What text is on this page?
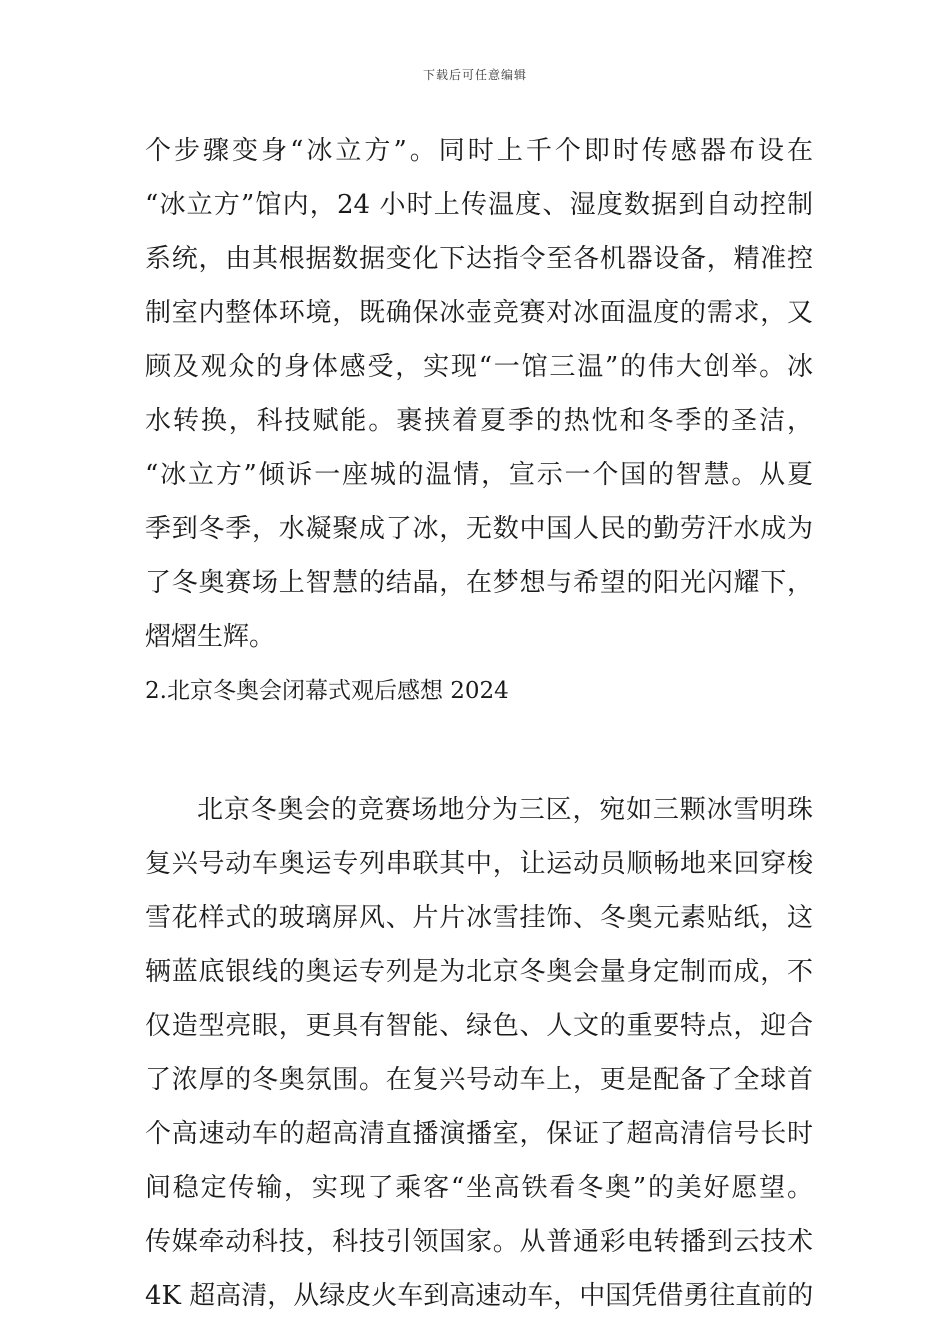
下载后可任意编辑
个步骤变身“冰立方”。同时上千个即时传感器布设在
“冰立方”馆内，24 小时上传温度、湿度数据到自动控制
系统，由其根据数据变化下达指令至各机器设备，精准控
制室内整体环境，既确保冰壶竞赛对冰面温度的需求，又
顾及观众的身体感受，实现“一馆三温”的伟大创举。冰
水转换，科技赋能。裹挟着夏季的热忱和冬季的圣洁，
“冰立方”倾诉一座城的温情，宣示一个国的智慧。从夏
季到冬季，水凝聚成了冰，无数中国人民的勤劳汗水成为
了冬奥赛场上智慧的结晶，在梦想与希望的阳光闪耀下，
熠熠生辉。
2.北京冬奥会闭幕式观后感想 2024
北京冬奥会的竞赛场地分为三区，宛如三颗冰雪明珠
复兴号动车奥运专列串联其中，让运动员顺畅地来回穿梭
雪花样式的玻璃屏风、片片冰雪挂饰、冬奥元素贴纸，这
辆蓝底银线的奥运专列是为北京冬奥会量身定制而成，不
仅造型亮眼，更具有智能、绿色、人文的重要特点，迎合
了浓厚的冬奥氛围。在复兴号动车上，更是配备了全球首
个高速动车的超高清直播演播室，保证了超高清信号长时
间稳定传输，实现了乘客“坐高铁看冬奥”的美好愿望。
传媒牵动科技，科技引领国家。从普通彩电转播到云技术
4K 超高清，从绿皮火车到高速动车，中国凭借勇往直前的
